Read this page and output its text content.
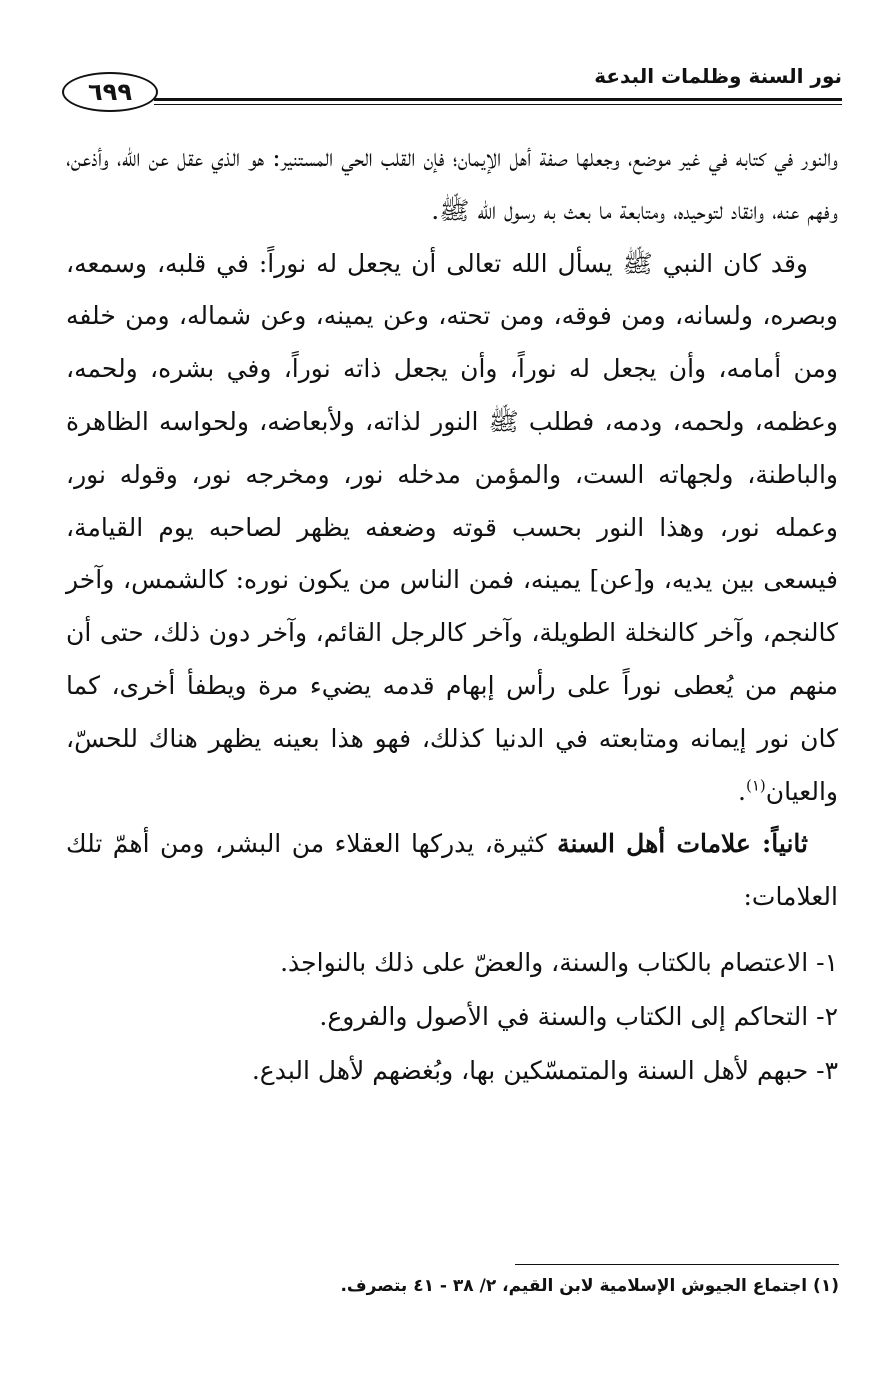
٦٩٩
نور السنة وظلمات البدعة

والنور في كتابه في غير موضع، وجعلها صفة أهل الإيمان؛ فإن القلب الحي المستنير: هو الذي عقل عن الله، وأذعن، وفهم عنه، وانقاد لتوحيده، ومتابعة ما بعث به رسول الله ﷺ.

وقد كان النبي ﷺ يسأل الله تعالى أن يجعل له نوراً: في قلبه، وسمعه، وبصره، ولسانه، ومن فوقه، ومن تحته، وعن يمينه، وعن شماله، ومن خلفه ومن أمامه، وأن يجعل له نوراً، وأن يجعل ذاته نوراً، وفي بشره، ولحمه، وعظمه، ولحمه، ودمه، فطلب ﷺ النور لذاته، ولأبعاضه، ولحواسه الظاهرة والباطنة، ولجهاته الست، والمؤمن مدخله نور، ومخرجه نور، وقوله نور، وعمله نور، وهذا النور بحسب قوته وضعفه يظهر لصاحبه يوم القيامة، فيسعى بين يديه، و[عن] يمينه، فمن الناس من يكون نوره: كالشمس، وآخر كالنجم، وآخر كالنخلة الطويلة، وآخر كالرجل القائم، وآخر دون ذلك، حتى أن منهم من يُعطى نوراً على رأس إبهام قدمه يضيء مرة ويطفأ أخرى، كما كان نور إيمانه ومتابعته في الدنيا كذلك، فهو هذا بعينه يظهر هناك للحسّ، والعيان$^{(١)}$.

ثانياً: علامات أهل السنة كثيرة، يدركها العقلاء من البشر، ومن أهمّ تلك العلامات:

١- الاعتصام بالكتاب والسنة، والعضّ على ذلك بالنواجذ.
٢- التحاكم إلى الكتاب والسنة في الأصول والفروع.
٣- حبهم لأهل السنة والمتمسّكين بها، وبُغضهم لأهل البدع.
(١) اجتماع الجيوش الإسلامية لابن القيم، ٢/ ٣٨ - ٤١ بتصرف.
